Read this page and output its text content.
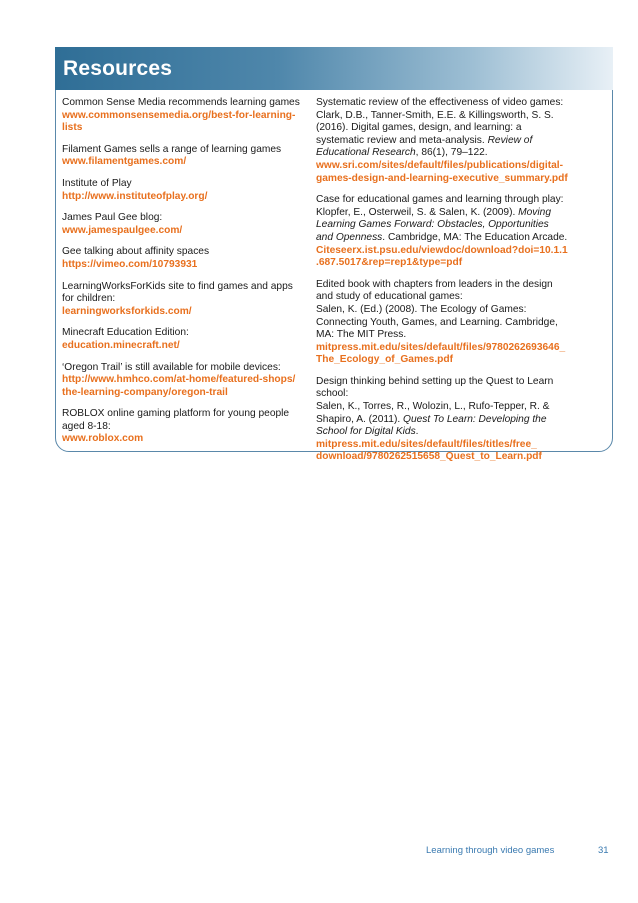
Resources

Common Sense Media recommends learning games

www.commonsensemedia.org/best-for-learning-
lists

Filament Games sells a range of learning games

www.filamentgames.com/

Institute of Play

http://www.instituteofplay.org/

James Paul Gee blog:

www.jamespaulgee.com/

Gee talking about affinity spaces

https://vimeo.com/10793931

LearningWorksForKids site to find games and apps for children:

learningworksforkids.com/

Minecraft Education Edition:

education.minecraft.net/

‘Oregon Trail’ is still available for mobile devices:

http://www.hmhco.com/at-home/featured-shops/
the-learning-company/oregon-trail

ROBLOX online gaming platform for young people aged 8-18:

www.roblox.com

Systematic review of the effectiveness of video games:

Clark, D.B., Tanner-Smith, E.E. & Killingsworth, S. S. (2016). Digital games, design, and learning: a systematic review and meta-analysis. Review of Educational Research, 86(1), 79–122.

www.sri.com/sites/default/files/publications/digital-
games-design-and-learning-executive_summary.pdf

Case for educational games and learning through play:

Klopfer, E., Osterweil, S. & Salen, K. (2009). Moving Learning Games Forward: Obstacles, Opportunities and Openness. Cambridge, MA: The Education Arcade.

Citeseerx.ist.psu.edu/viewdoc/download?doi=10.1.1
.687.5017&rep=rep1&type=pdf

Edited book with chapters from leaders in the design and study of educational games:

Salen, K. (Ed.) (2008). The Ecology of Games: Connecting Youth, Games, and Learning. Cambridge, MA: The MIT Press.

mitpress.mit.edu/sites/default/files/9780262693646_
The_Ecology_of_Games.pdf

Design thinking behind setting up the Quest to Learn school:

Salen, K., Torres, R., Wolozin, L., Rufo-Tepper, R. & Shapiro, A. (2011). Quest To Learn: Developing the School for Digital Kids.

mitpress.mit.edu/sites/default/files/titles/free_
download/9780262515658_Quest_to_Learn.pdf
Learning through video games	31
